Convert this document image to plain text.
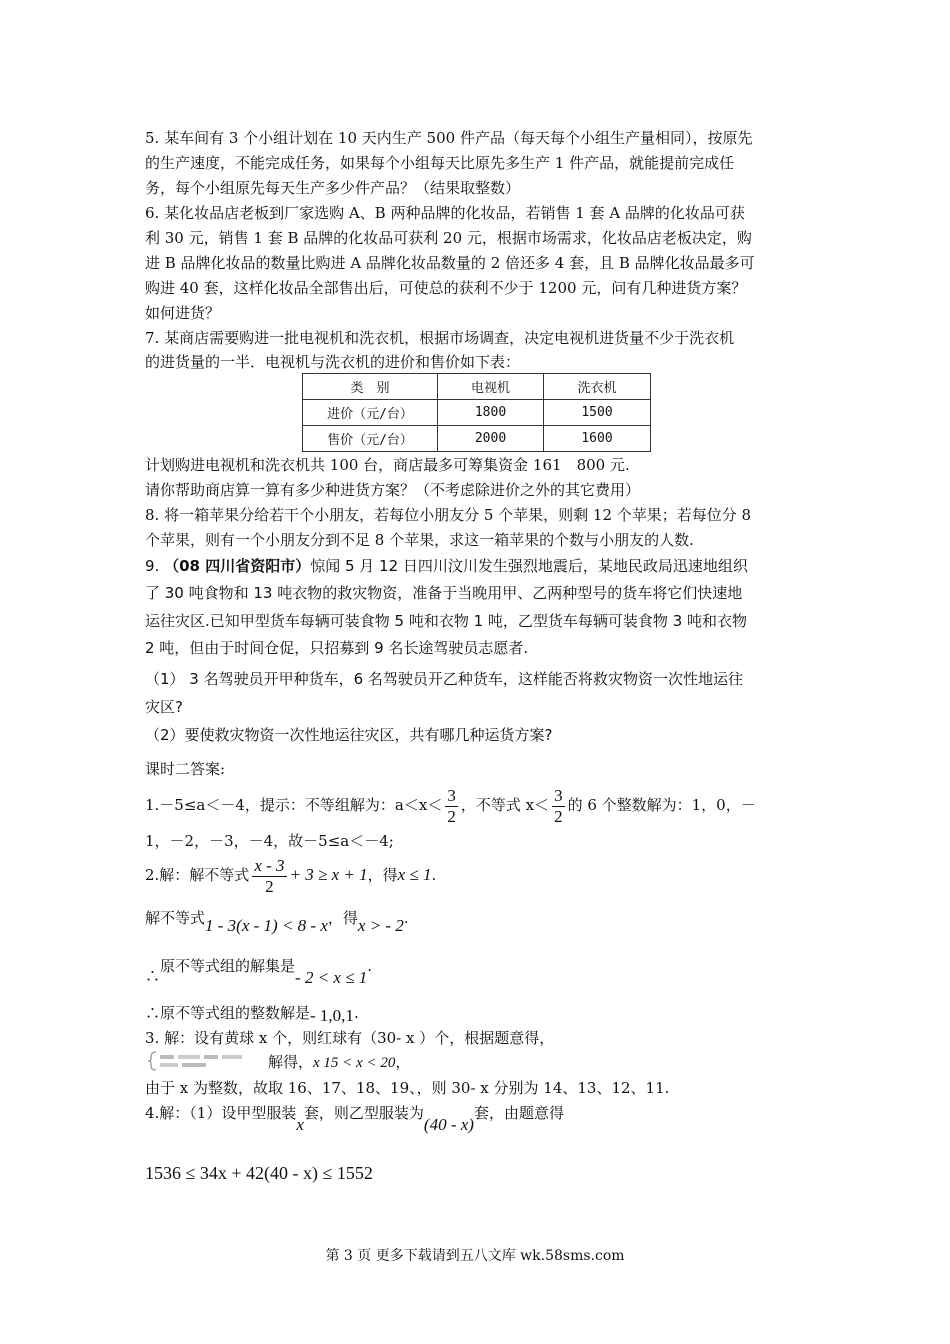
5. 某车间有 3 个小组计划在 10 天内生产 500 件产品（每天每个小组生产量相同），按原先
的生产速度，不能完成任务，如果每个小组每天比原先多生产 1 件产品，就能提前完成任
务，每个小组原先每天生产多少件产品？（结果取整数）
6. 某化妆品店老板到厂家选购 A、B 两种品牌的化妆品，若销售 1 套 A 品牌的化妆品可获
利 30 元，销售 1 套 B 品牌的化妆品可获利 20 元，根据市场需求，化妆品店老板决定，购
进 B 品牌化妆品的数量比购进 A 品牌化妆品数量的 2 倍还多 4 套，且 B 品牌化妆品最多可
购进 40 套，这样化妆品全部售出后，可使总的获利不少于 1200 元，问有几种进货方案？
如何进货？
7. 某商店需要购进一批电视机和洗衣机，根据市场调查，决定电视机进货量不少于洗衣机
的进货量的一半．电视机与洗衣机的进价和售价如下表：
类　别	电视机	洗衣机
进价（元/台）	1800	1500
售价（元/台）	2000	1600
计划购进电视机和洗衣机共 100 台，商店最多可筹集资金 161　800 元.
请你帮助商店算一算有多少种进货方案？（不考虑除进价之外的其它费用）
8. 将一箱苹果分给若干个小朋友，若每位小朋友分 5 个苹果，则剩 12 个苹果；若每位分 8
个苹果，则有一个小朋友分到不足 8 个苹果，求这一箱苹果的个数与小朋友的人数.
9. （08 四川省资阳市）惊闻 5 月 12 日四川汶川发生强烈地震后，某地民政局迅速地组织
了 30 吨食物和 13 吨衣物的救灾物资，准备于当晚用甲、乙两种型号的货车将它们快速地
运往灾区.已知甲型货车每辆可装食物 5 吨和衣物 1 吨，乙型货车每辆可装食物 3 吨和衣物
2 吨，但由于时间仓促，只招募到 9 名长途驾驶员志愿者.
（1） 3 名驾驶员开甲种货车，6 名驾驶员开乙种货车，这样能否将救灾物资一次性地运往
灾区?
（2）要使救灾物资一次性地运往灾区，共有哪几种运货方案?
课时二答案:
1.－5≤a＜－4，提示：不等组解为：$a<x< \frac{3}{2}$ ，不等式 $x< \frac{3}{2}$ 的 6 个整数解为：1，0，－
1，－2，－3，－4，故－5≤a＜－4;
2.解：解不等式 $\frac{x - 3}{2} + 3 \ge x + 1$，得x ≤ 1.
解不等式1 - 3(x - 1) < 8 - x，得x > - 2.
∴原不等式组的解集是- 2 < x ≤ 1.
∴原不等式组的整数解是- 1,0,1.
3. 解：设有黄球 x 个，则红球有（30- x ）个，根据题意得，
解得，x 15 < x < 20，
由于 x 为整数，故取 16、17、18、19、，则 30- x 分别为 14、13、12、11.
4.解：（1）设甲型服装x套，则乙型服装为(40 - x)套，由题意得
1536 ≤ 34x + 42(40 - x) ≤ 1552
第 3 页 更多下载请到五八文库 wk.58sms.com
